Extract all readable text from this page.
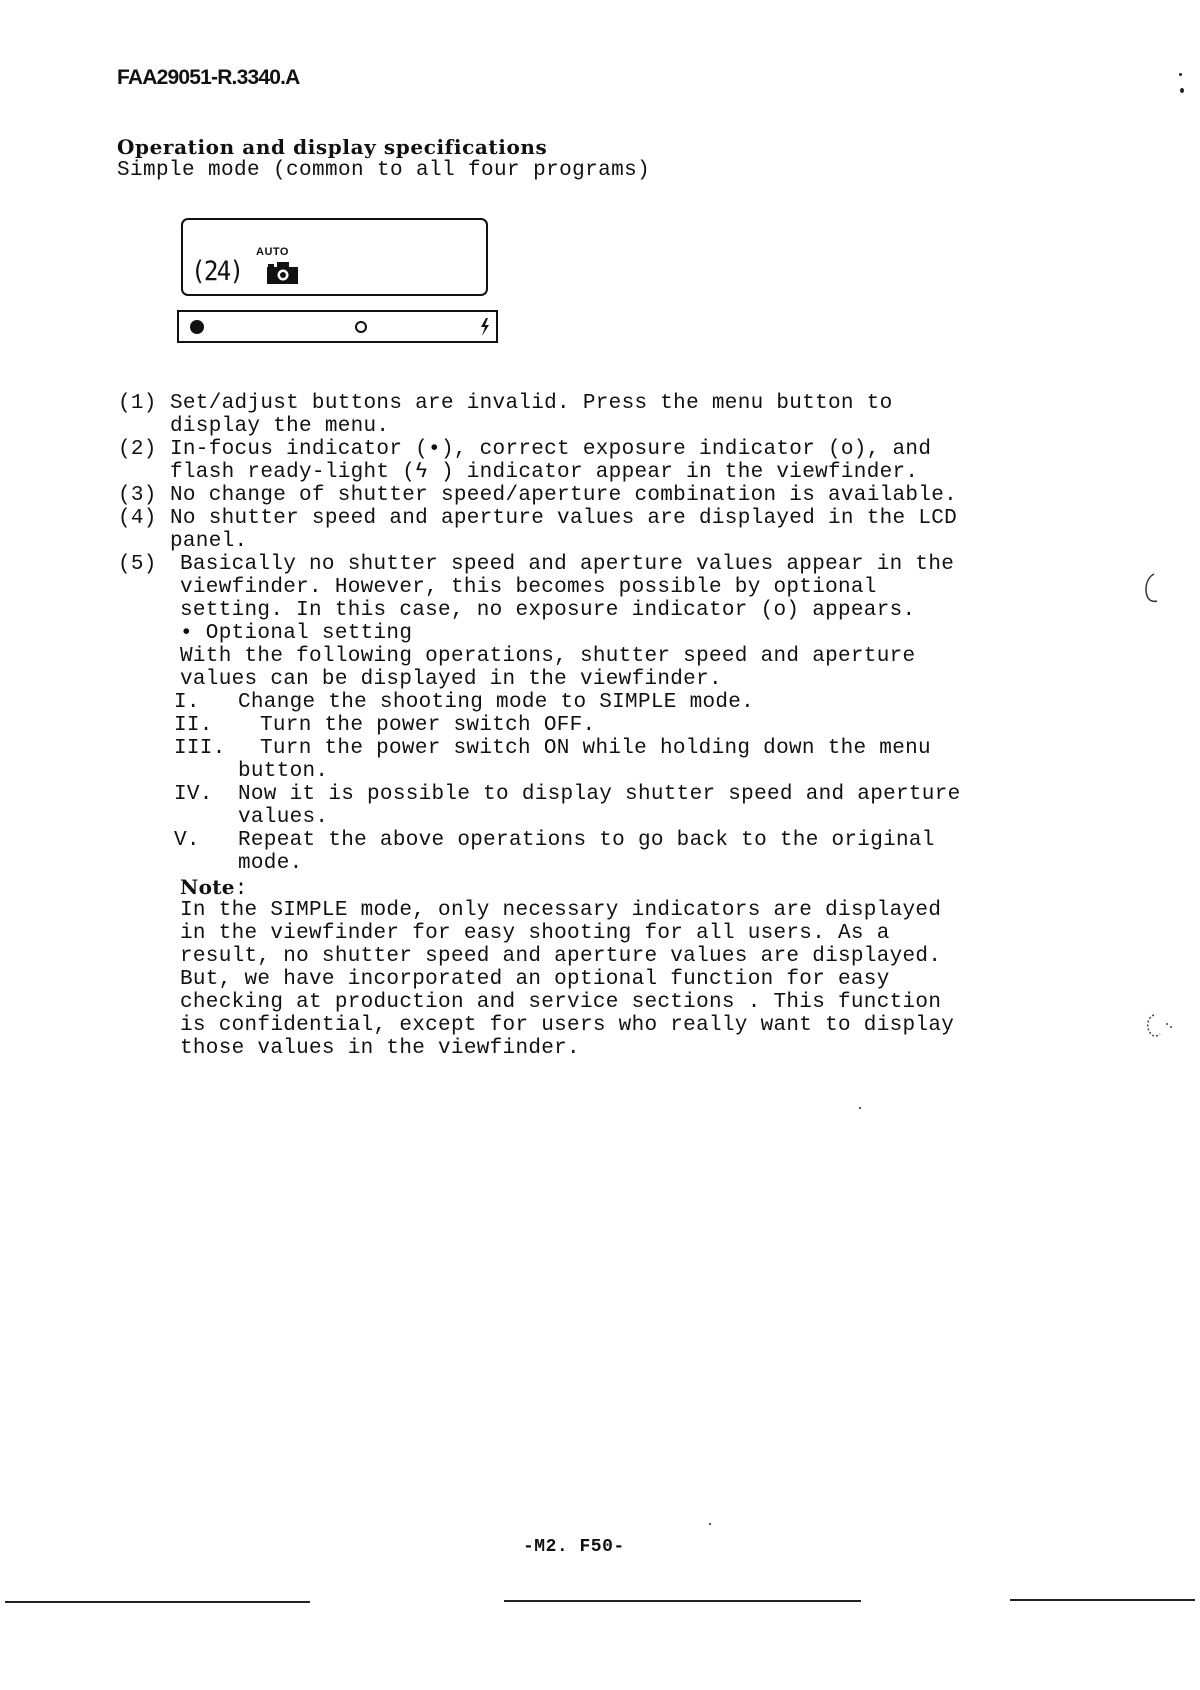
FAA29051-R.3340.A
Operation and display specifications
Simple mode (common to all four programs)
AUTO
(24)
(1) Set/adjust buttons are invalid. Press the menu button to
display the menu.
(2) In-focus indicator (•), correct exposure indicator (o), and
flash ready-light (ϟ ) indicator appear in the viewfinder.
(3) No change of shutter speed/aperture combination is available.
(4) No shutter speed and aperture values are displayed in the LCD
panel.
(5) Basically no shutter speed and aperture values appear in the
viewfinder. However, this becomes possible by optional
setting. In this case, no exposure indicator (o) appears.
• Optional setting
With the following operations, shutter speed and aperture
values can be displayed in the viewfinder.
I. Change the shooting mode to SIMPLE mode.
II. Turn the power switch OFF.
III. Turn the power switch ON while holding down the menu
button.
IV. Now it is possible to display shutter speed and aperture
values.
V. Repeat the above operations to go back to the original
mode.
Note:
In the SIMPLE mode, only necessary indicators are displayed
in the viewfinder for easy shooting for all users. As a
result, no shutter speed and aperture values are displayed.
But, we have incorporated an optional function for easy
checking at production and service sections . This function
is confidential, except for users who really want to display
those values in the viewfinder.
-M2. F50-
